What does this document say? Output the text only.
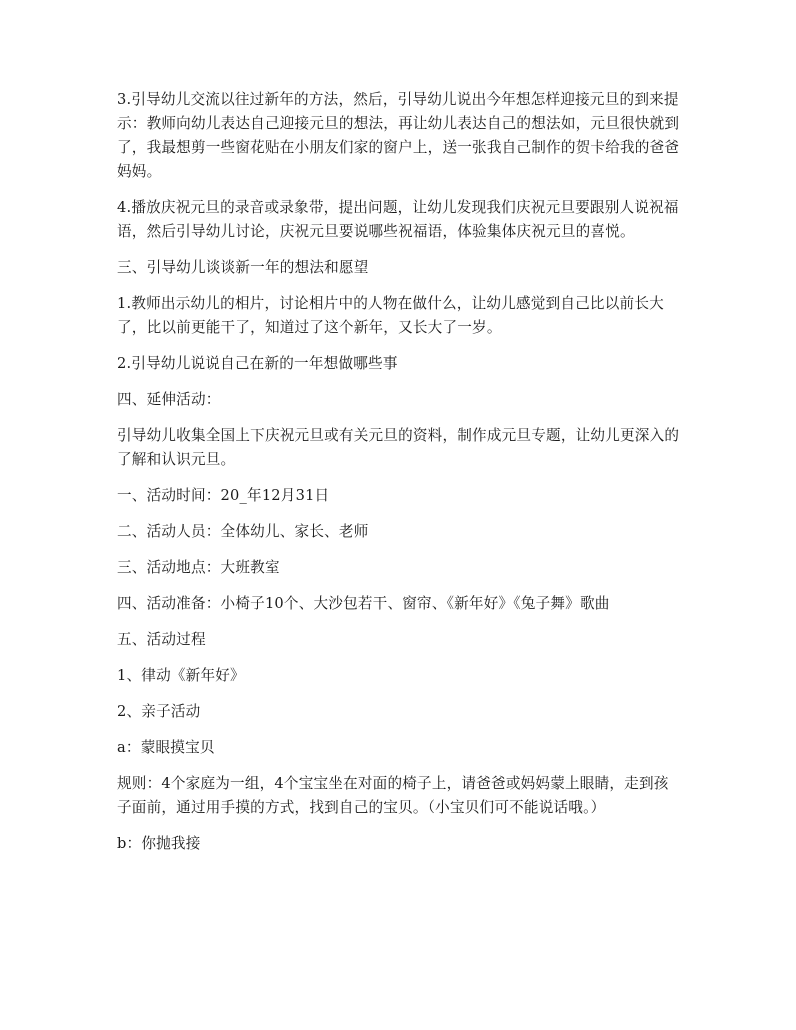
3.引导幼儿交流以往过新年的方法，然后，引导幼儿说出今年想怎样迎接元旦的到来提示：教师向幼儿表达自己迎接元旦的想法，再让幼儿表达自己的想法如，元旦很快就到了，我最想剪一些窗花贴在小朋友们家的窗户上，送一张我自己制作的贺卡给我的爸爸妈妈。

4.播放庆祝元旦的录音或录象带，提出问题，让幼儿发现我们庆祝元旦要跟别人说祝福语，然后引导幼儿讨论，庆祝元旦要说哪些祝福语，体验集体庆祝元旦的喜悦。

三、引导幼儿谈谈新一年的想法和愿望

1.教师出示幼儿的相片，讨论相片中的人物在做什么，让幼儿感觉到自己比以前长大了，比以前更能干了，知道过了这个新年，又长大了一岁。

2.引导幼儿说说自己在新的一年想做哪些事

四、延伸活动：

引导幼儿收集全国上下庆祝元旦或有关元旦的资料，制作成元旦专题，让幼儿更深入的了解和认识元旦。

一、活动时间：20_年12月31日

二、活动人员：全体幼儿、家长、老师

三、活动地点：大班教室

四、活动准备：小椅子10个、大沙包若干、窗帘、《新年好》《兔子舞》歌曲

五、活动过程

1、律动《新年好》

2、亲子活动

a：蒙眼摸宝贝

规则：4个家庭为一组，4个宝宝坐在对面的椅子上，请爸爸或妈妈蒙上眼睛，走到孩子面前，通过用手摸的方式，找到自己的宝贝。（小宝贝们可不能说话哦。）

b：你抛我接
